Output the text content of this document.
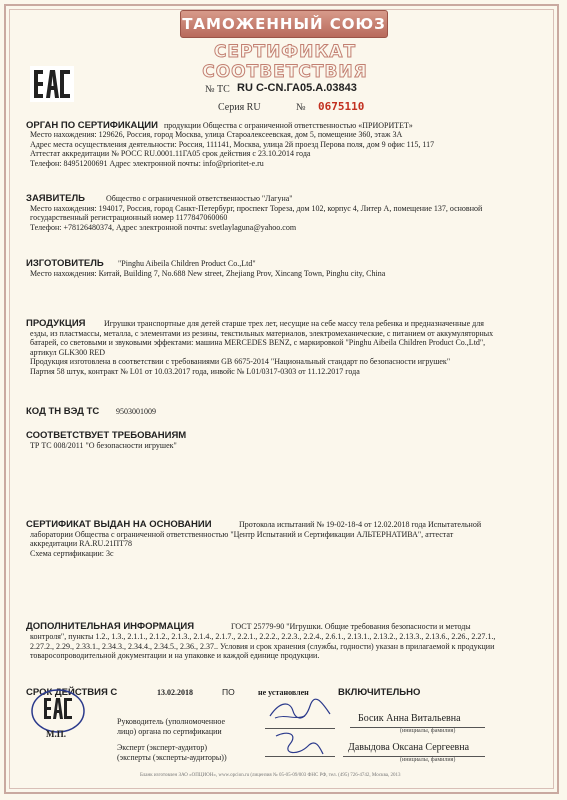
ТАМОЖЕННЫЙ СОЮЗ
СЕРТИФИКАТ СООТВЕТСТВИЯ
№ ТС RU C-CN.ГА05.А.03843
Серия RU	№ 0675110
ОРГАН ПО СЕРТИФИКАЦИИ продукции Общества с ограниченной ответственностью «ПРИОРИТЕТ»
Место нахождения: 129626, Россия, город Москва, улица Староалексеевская, дом 5, помещение 360, этаж 3А
Адрес места осуществления деятельности: Россия, 111141, Москва, улица 2й проезд Перова поля, дом 9 офис 115, 117
Аттестат аккредитации № РОСС RU.0001.11ГА05 срок действия с 23.10.2014 года
Телефон: 84951200691 Адрес электронной почты: info@prioritet-e.ru
ЗАЯВИТЕЛЬ	Общество с ограниченной ответственностью "Лагуна"
Место нахождения: 194017, Россия, город Санкт-Петербург, проспект Тореза, дом 102, корпус 4, Литер А, помещение 137, основной
государственный регистрационный номер 1177847060060
Телефон: +78126480374, Адрес электронной почты: svetlaylaguna@yahoo.com
ИЗГОТОВИТЕЛЬ "Pinghu Aibeila Children Product Co.,Ltd"
Место нахождения: Китай, Building 7, No.688 New street, Zhejiang Prov, Xincang Town, Pinghu city, China
ПРОДУКЦИЯ Игрушки транспортные для детей старше трех лет, несущие на себе массу тела ребенка и предназначенные для
езды, из пластмассы, металла, с элементами из резины, текстильных материалов, электромеханические, с питанием от аккумуляторных
батарей, со световыми и звуковыми эффектами: машина MERCEDES BENZ, с маркировкой "Pinghu Aibeila Children Product Co.,Ltd",
артикул GLK300 RED
Продукция изготовлена в соответствии с требованиями GB 6675-2014 "Национальный стандарт по безопасности игрушек"
Партия 58 штук, контракт № L01 от 10.03.2017 года, инвойс № L01/0317-0303 от 11.12.2017 года
КОД ТН ВЭД ТС 9503001009
СООТВЕТСТВУЕТ ТРЕБОВАНИЯМ
ТР ТС 008/2011 "О безопасности игрушек"
СЕРТИФИКАТ ВЫДАН НА ОСНОВАНИИ	Протокола испытаний № 19-02-18-4 от 12.02.2018 года Испытательной
лаборатории Общества с ограниченной ответственностью "Центр Испытаний и Сертификации АЛЬТЕРНАТИВА", аттестат
аккредитации RA.RU.21ПТ78
Схема сертификации: 3с
ДОПОЛНИТЕЛЬНАЯ ИНФОРМАЦИЯ	ГОСТ 25779-90 "Игрушки. Общие требования безопасности и методы
контроля", пункты 1.2., 1.3., 2.1.1., 2.1.2., 2.1.3., 2.1.4., 2.1.7., 2.2.1., 2.2.2., 2.2.3., 2.2.4., 2.6.1., 2.13.1., 2.13.2., 2.13.3., 2.13.6., 2.26., 2.27.1.,
2.27.2., 2.29., 2.33.1., 2.34.3., 2.34.4., 2.34.5., 2.36., 2.37.. Условия и срок хранения (службы, годности) указан в прилагаемой к продукции
товаросопроводительной документации и на упаковке и каждой единице продукции.
СРОК ДЕЙСТВИЯ С	13.02.2018	ПО	не установлен	ВКЛЮЧИТЕЛЬНО
М.П.
Руководитель (уполномоченное
лицо) органа по сертификации
Босик Анна Витальевна
(инициалы, фамилия)
Эксперт (эксперт-аудитор)
(эксперты (эксперты-аудиторы))
Давыдова Оксана Сергеевна
(инициалы, фамилия)
Бланк изготовлен ЗАО «ОПЦИОН», www.opcion.ru (лицензия № 05-05-09/003 ФНС РФ, тел. (495) 726-4742, Москва, 2013
